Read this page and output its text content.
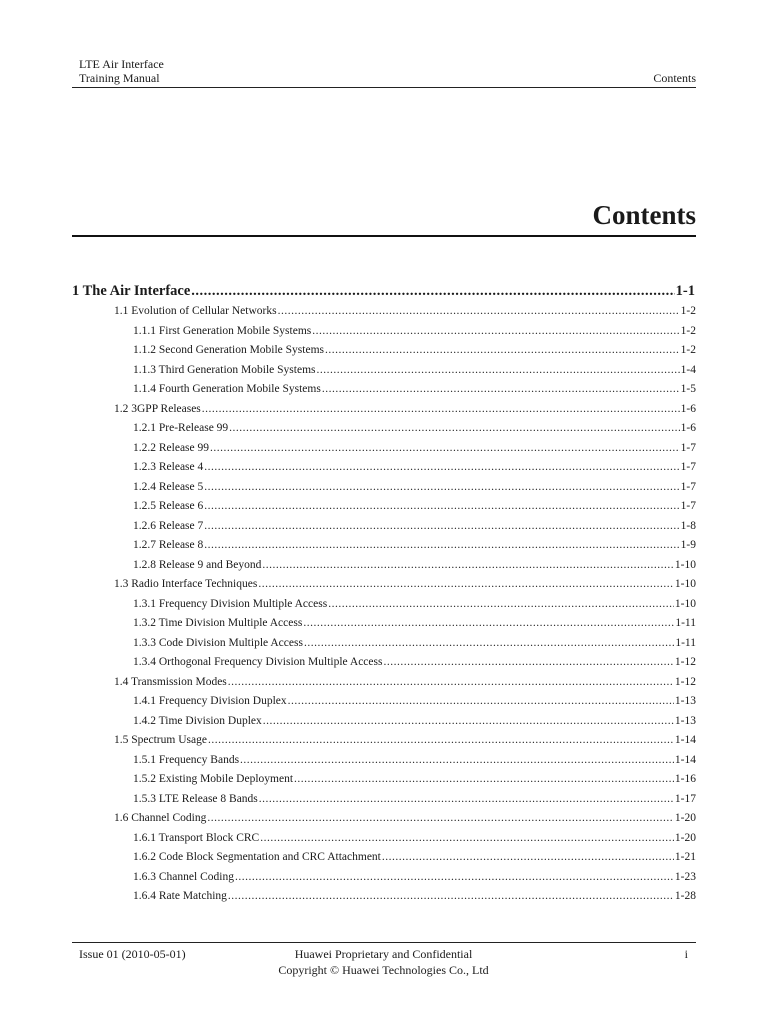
LTE Air Interface
Training Manual	Contents
Contents
1 The Air Interface .....	1-1
1.1 Evolution of Cellular Networks .....	1-2
1.1.1 First Generation Mobile Systems .....	1-2
1.1.2 Second Generation Mobile Systems .....	1-2
1.1.3 Third Generation Mobile Systems .....	1-4
1.1.4 Fourth Generation Mobile Systems .....	1-5
1.2 3GPP Releases .....	1-6
1.2.1 Pre-Release 99 .....	1-6
1.2.2 Release 99 .....	1-7
1.2.3 Release 4 .....	1-7
1.2.4 Release 5 .....	1-7
1.2.5 Release 6 .....	1-7
1.2.6 Release 7 .....	1-8
1.2.7 Release 8 .....	1-9
1.2.8 Release 9 and Beyond .....	1-10
1.3 Radio Interface Techniques .....	1-10
1.3.1 Frequency Division Multiple Access .....	1-10
1.3.2 Time Division Multiple Access .....	1-11
1.3.3 Code Division Multiple Access .....	1-11
1.3.4 Orthogonal Frequency Division Multiple Access .....	1-12
1.4 Transmission Modes .....	1-12
1.4.1 Frequency Division Duplex .....	1-13
1.4.2 Time Division Duplex .....	1-13
1.5 Spectrum Usage .....	1-14
1.5.1 Frequency Bands .....	1-14
1.5.2 Existing Mobile Deployment .....	1-16
1.5.3 LTE Release 8 Bands .....	1-17
1.6 Channel Coding .....	1-20
1.6.1 Transport Block CRC .....	1-20
1.6.2 Code Block Segmentation and CRC Attachment .....	1-21
1.6.3 Channel Coding .....	1-23
1.6.4 Rate Matching .....	1-28
Issue 01 (2010-05-01)	Huawei Proprietary and Confidential
Copyright © Huawei Technologies Co., Ltd
i
